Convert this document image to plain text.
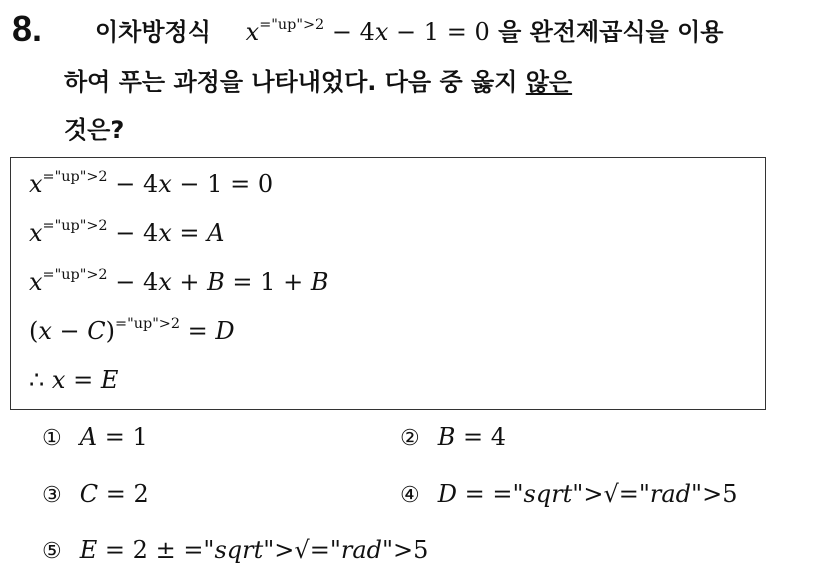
8. 이차방정식 $x^{="up">2} - 4x - 1 = 0$ 을 완전제곱식을 이용
하여 푸는 과정을 나타내었다. 다음 중 옳지 않은
것은?
$x^{="up">2} - 4x - 1 = 0$
$x^{="up">2} - 4x = A$
$x^{="up">2} - 4x + B = 1 + B$
$(x - C)^{="up">2} = D$
∴ x = E
① A = 1	② B = 4
③ C = 2	④ D = ="sqrt">√="rad">5
⑤ E = 2 ± ="sqrt">√="rad">5
